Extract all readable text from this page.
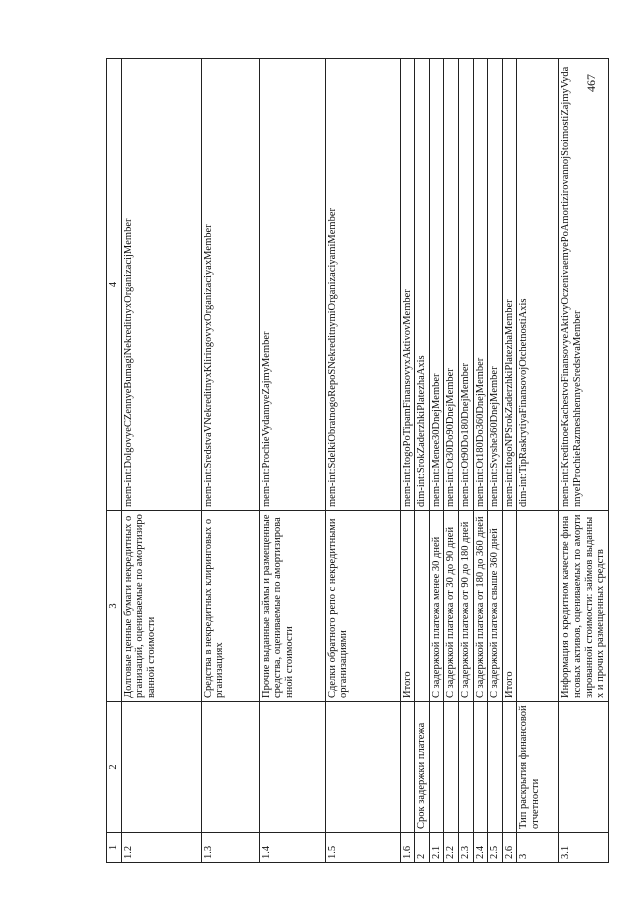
467
1	2	3	4
1.2		Долговые ценные бумаги некредитных организаций, оцениваемые по амортизированной стоимости	mem-int:DolgovyeCZennyeBumagiNekreditnyxOrganizacijMember
1.3		Средства в некредитных клиринговых организациях	mem-int:SredstvaVNekreditnyxKliringovyxOrganizaciyaxMember
1.4		Прочие выданные займы и размещенные средства, оцениваемые по амортизированной стоимости	mem-int:ProchieVydannyeZajmyMember
1.5		Сделки обратного репо с некредитными организациями	mem-int:SdelkiObratnogoRepoSNekreditnymiOrganizaciyamiMember
1.6		Итого	mem-int:ItogoPoTipamFinansovyxAktivovMember
2	Срок задержки платежа		dim-int:SrokZaderzhkiPlatezhaAxis
2.1		С задержкой платежа менее 30 дней	mem-int:Menee30DnejMember
2.2		С задержкой платежа от 30 до 90 дней	mem-int:Ot30Do90DnejMember
2.3		С задержкой платежа от 90 до 180 дней	mem-int:Ot90Do180DnejMember
2.4		С задержкой платежа от 180 до 360 дней	mem-int:Ot180Do360DnejMember
2.5		С задержкой платежа свыше 360 дней	mem-int:Svyshe360DnejMember
2.6		Итого	mem-int:ItogoNPSrokZaderzhkiPlatezhaMember
3	Тип раскрытия финансовой отчетности		dim-int:TipRaskrytiyaFinansovojOtchetnostiAxis
3.1		Информация о кредитном качестве финансовых активов, оцениваемых по амортизированной стоимости: займов выданных и прочих размещенных средств	mem-int:KreditnoeKachestvoFinansovyeAktivyOczenivaemyePoAmortizirovannojStoimostiZajmyVydannyeIProchieRazmeshhennyeSredstvaMember
